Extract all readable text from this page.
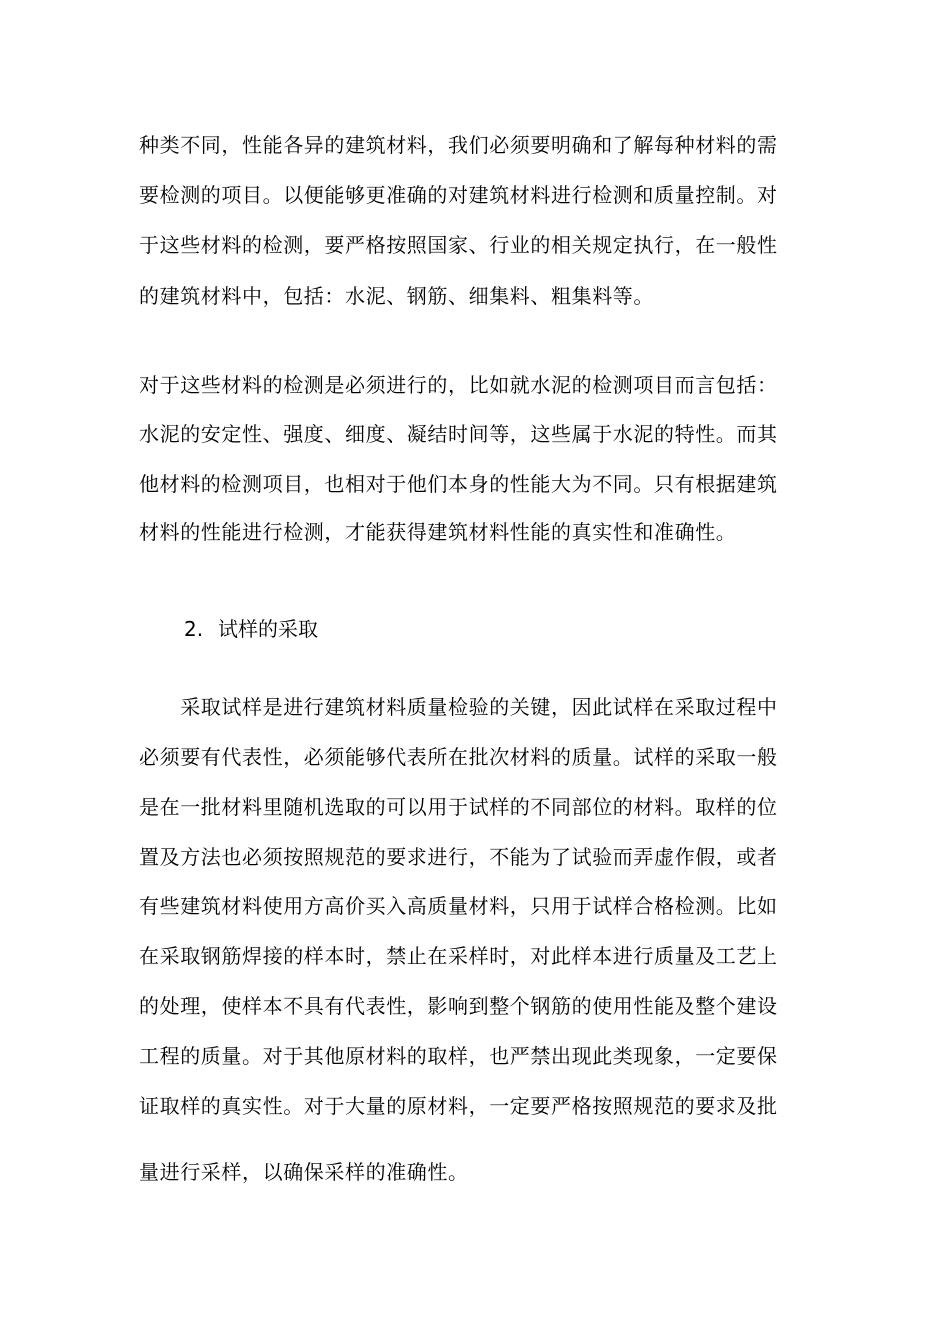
种类不同，性能各异的建筑材料，我们必须要明确和了解每种材料的需
要检测的项目。以便能够更准确的对建筑材料进行检测和质量控制。对
于这些材料的检测，要严格按照国家、行业的相关规定执行，在一般性
的建筑材料中，包括：水泥、钢筋、细集料、粗集料等。
对于这些材料的检测是必须进行的，比如就水泥的检测项目而言包括：
水泥的安定性、强度、细度、凝结时间等，这些属于水泥的特性。而其
他材料的检测项目，也相对于他们本身的性能大为不同。只有根据建筑
材料的性能进行检测，才能获得建筑材料性能的真实性和准确性。
2. 试样的采取
　　采取试样是进行建筑材料质量检验的关键，因此试样在采取过程中
必须要有代表性，必须能够代表所在批次材料的质量。试样的采取一般
是在一批材料里随机选取的可以用于试样的不同部位的材料。取样的位
置及方法也必须按照规范的要求进行，不能为了试验而弄虚作假，或者
有些建筑材料使用方高价买入高质量材料，只用于试样合格检测。比如
在采取钢筋焊接的样本时，禁止在采样时，对此样本进行质量及工艺上
的处理，使样本不具有代表性，影响到整个钢筋的使用性能及整个建设
工程的质量。对于其他原材料的取样，也严禁出现此类现象，一定要保
证取样的真实性。对于大量的原材料，一定要严格按照规范的要求及批
量进行采样，以确保采样的准确性。
